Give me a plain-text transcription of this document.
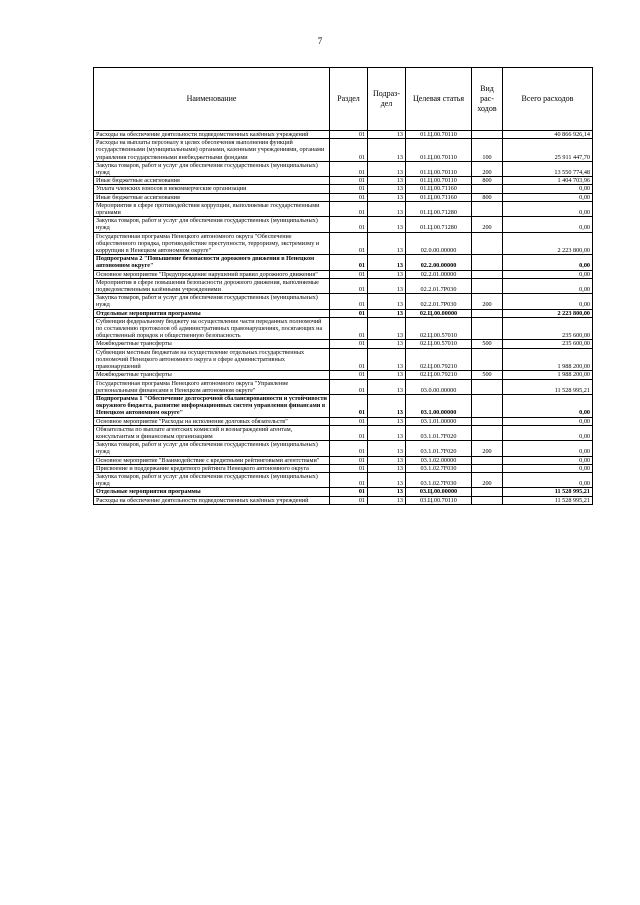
7
Наименование	Раздел	Подраз-дел	Целевая статья	Вид рас-ходов	Всего расходов
Расходы на обеспечение деятельности подведомственных казённых учреждений	01	13	01.Ц.00.70110		40 866 926,14
Расходы на выплаты персоналу в целях обеспечения выполнения функций государственными (муниципальными) органами, казенными учреждениями, органами управления государственными внебюджетными фондами	01	13	01.Ц.00.70110	100	25 911 447,70
Закупка товаров, работ и услуг для обеспечения государственных (муниципальных) нужд	01	13	01.Ц.00.70110	200	13 550 774,48
Иные бюджетные ассигнования	01	13	01.Ц.00.70110	800	1 404 703,96
Уплата членских взносов в некоммерческие организации	01	13	01.Ц.00.71160		0,00
Иные бюджетные ассигнования	01	13	01.Ц.00.71160	800	0,00
Мероприятия в сфере противодействия коррупции, выполняемые государственными органами	01	13	01.Ц.00.71280		0,00
Закупка товаров, работ и услуг для обеспечения государственных (муниципальных) нужд	01	13	01.Ц.00.71280	200	0,00
Государственная программа Ненецкого автономного округа "Обеспечение общественного порядка, противодействие преступности, терроризму, экстремизму и коррупции в Ненецком автономном округе"	01	13	02.0.00.00000		2 223 800,00
Подпрограмма 2 "Повышение безопасности дорожного движения в Ненецком автономном округе"	01	13	02.2.00.00000		0,00
Основное мероприятие "Предупреждение нарушений правил дорожного движения"	01	13	02.2.01.00000		0,00
Мероприятия в сфере повышения безопасности дорожного движения, выполняемые подведомственными казёнными учреждениями	01	13	02.2.01.7Р030		0,00
Закупка товаров, работ и услуг для обеспечения государственных (муниципальных) нужд	01	13	02.2.01.7Р030	200	0,00
Отдельные мероприятия программы	01	13	02.Ц.00.00000		2 223 800,00
Субвенции федеральному бюджету на осуществление части переданных полномочий по составлению протоколов об административных правонарушениях, посягающих на общественный порядок и общественную безопасность	01	13	02.Ц.00.57010		235 600,00
Межбюджетные трансферты	01	13	02.Ц.00.57010	500	235 600,00
Субвенции местным бюджетам на осуществление отдельных государственных полномочий Ненецкого автономного округа в сфере административных правонарушений	01	13	02.Ц.00.79210		1 988 200,00
Межбюджетные трансферты	01	13	02.Ц.00.79210	500	1 988 200,00
Государственная программа Ненецкого автономного округа "Управление региональными финансами в Ненецком автономном округе"	01	13	03.0.00.00000		11 528 995,21
Подпрограмма 1 "Обеспечение долгосрочной сбалансированности и устойчивости окружного бюджета, развитие информационных систем управления финансами в Ненецком автономном округе"	01	13	03.1.00.00000		0,00
Основное мероприятие "Расходы на исполнение долговых обязательств"	01	13	03.1.01.00000		0,00
Обязательства по выплате агентских комиссий и вознаграждений агентам, консультантам и финансовым организациям	01	13	03.1.01.7F020		0,00
Закупка товаров, работ и услуг для обеспечения государственных (муниципальных) нужд	01	13	03.1.01.7F020	200	0,00
Основное мероприятие "Взаимодействие с кредитными рейтинговыми агентствами"	01	13	03.1.02.00000		0,00
Присвоение и поддержание кредитного рейтинга Ненецкого автономного округа	01	13	03.1.02.7F030		0,00
Закупка товаров, работ и услуг для обеспечения государственных (муниципальных) нужд	01	13	03.1.02.7F030	200	0,00
Отдельные мероприятия программы	01	13	03.Ц.00.00000		11 528 995,21
Расходы на обеспечение деятельности подведомственных казённых учреждений	01	13	03.Ц.00.70110		11 528 995,21
